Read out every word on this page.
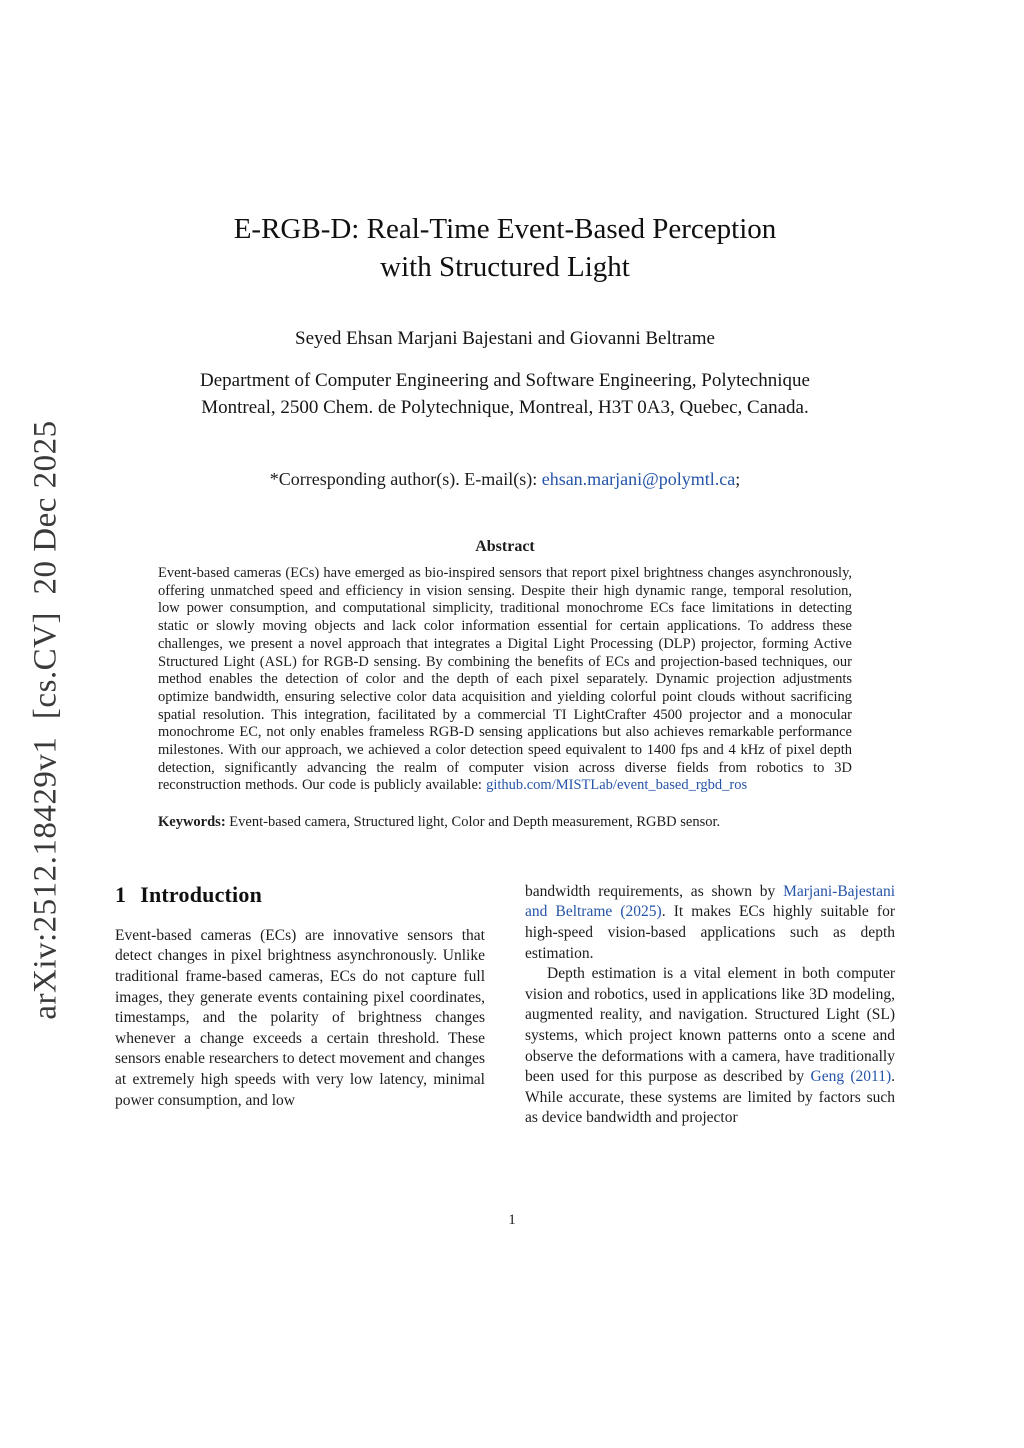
arXiv:2512.18429v1  [cs.CV]  20 Dec 2025
E-RGB-D: Real-Time Event-Based Perception
with Structured Light
Seyed Ehsan Marjani Bajestani and Giovanni Beltrame
Department of Computer Engineering and Software Engineering, Polytechnique
Montreal, 2500 Chem. de Polytechnique, Montreal, H3T 0A3, Quebec, Canada.
*Corresponding author(s). E-mail(s): ehsan.marjani@polymtl.ca;
Abstract
Event-based cameras (ECs) have emerged as bio-inspired sensors that report pixel brightness changes asynchronously, offering unmatched speed and efficiency in vision sensing. Despite their high dynamic range, temporal resolution, low power consumption, and computational simplicity, traditional monochrome ECs face limitations in detecting static or slowly moving objects and lack color information essential for certain applications. To address these challenges, we present a novel approach that integrates a Digital Light Processing (DLP) projector, forming Active Structured Light (ASL) for RGB-D sensing. By combining the benefits of ECs and projection-based techniques, our method enables the detection of color and the depth of each pixel separately. Dynamic projection adjustments optimize bandwidth, ensuring selective color data acquisition and yielding colorful point clouds without sacrificing spatial resolution. This integration, facilitated by a commercial TI LightCrafter 4500 projector and a monocular monochrome EC, not only enables frameless RGB-D sensing applications but also achieves remarkable performance milestones. With our approach, we achieved a color detection speed equivalent to 1400 fps and 4 kHz of pixel depth detection, significantly advancing the realm of computer vision across diverse fields from robotics to 3D reconstruction methods. Our code is publicly available: github.com/MISTLab/event_based_rgbd_ros
Keywords: Event-based camera, Structured light, Color and Depth measurement, RGBD sensor.
1 Introduction

Event-based cameras (ECs) are innovative sensors that detect changes in pixel brightness asynchronously. Unlike traditional frame-based cameras, ECs do not capture full images, they generate events containing pixel coordinates, timestamps, and the polarity of brightness changes whenever a change exceeds a certain threshold. These sensors enable researchers to detect movement and changes at extremely high speeds with very low latency, minimal power consumption, and low

bandwidth requirements, as shown by Marjani-Bajestani and Beltrame (2025). It makes ECs highly suitable for high-speed vision-based applications such as depth estimation.

Depth estimation is a vital element in both computer vision and robotics, used in applications like 3D modeling, augmented reality, and navigation. Structured Light (SL) systems, which project known patterns onto a scene and observe the deformations with a camera, have traditionally been used for this purpose as described by Geng (2011). While accurate, these systems are limited by factors such as device bandwidth and projector

1
